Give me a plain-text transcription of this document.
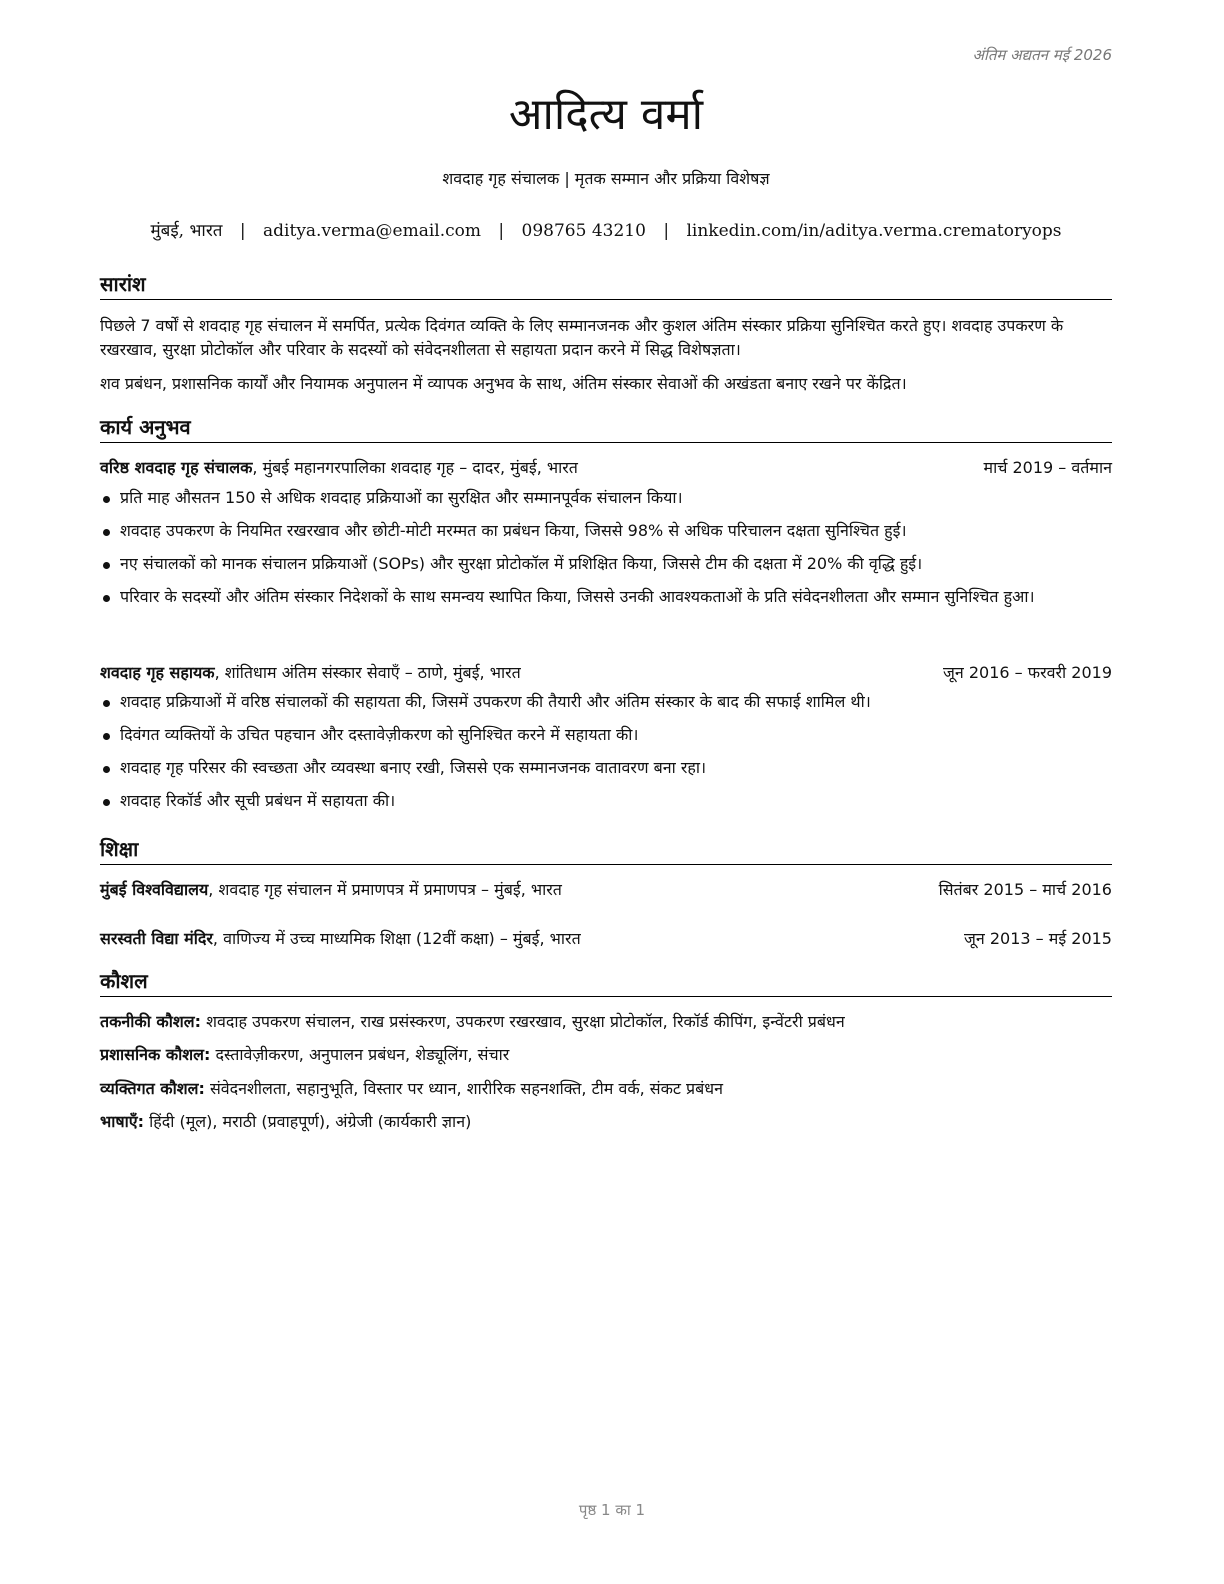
अंतिम अद्यतन मई 2026
आदित्य वर्मा
शवदाह गृह संचालक | मृतक सम्मान और प्रक्रिया विशेषज्ञ
मुंबई, भारत | aditya.verma@email.com | 098765 43210 | linkedin.com/in/aditya.verma.crematoryops
सारांश

पिछले 7 वर्षों से शवदाह गृह संचालन में समर्पित, प्रत्येक दिवंगत व्यक्ति के लिए सम्मानजनक और कुशल अंतिम संस्कार प्रक्रिया सुनिश्चित करते हुए। शवदाह उपकरण के रखरखाव, सुरक्षा प्रोटोकॉल और परिवार के सदस्यों को संवेदनशीलता से सहायता प्रदान करने में सिद्ध विशेषज्ञता।

शव प्रबंधन, प्रशासनिक कार्यों और नियामक अनुपालन में व्यापक अनुभव के साथ, अंतिम संस्कार सेवाओं की अखंडता बनाए रखने पर केंद्रित।

कार्य अनुभव
वरिष्ठ शवदाह गृह संचालक, मुंबई महानगरपालिका शवदाह गृह – दादर, मुंबई, भारत	मार्च 2019 – वर्तमान
प्रति माह औसतन 150 से अधिक शवदाह प्रक्रियाओं का सुरक्षित और सम्मानपूर्वक संचालन किया।
शवदाह उपकरण के नियमित रखरखाव और छोटी-मोटी मरम्मत का प्रबंधन किया, जिससे 98% से अधिक परिचालन दक्षता सुनिश्चित हुई।
नए संचालकों को मानक संचालन प्रक्रियाओं (SOPs) और सुरक्षा प्रोटोकॉल में प्रशिक्षित किया, जिससे टीम की दक्षता में 20% की वृद्धि हुई।
परिवार के सदस्यों और अंतिम संस्कार निदेशकों के साथ समन्वय स्थापित किया, जिससे उनकी आवश्यकताओं के प्रति संवेदनशीलता और सम्मान सुनिश्चित हुआ।
शवदाह गृह सहायक, शांतिधाम अंतिम संस्कार सेवाएँ – ठाणे, मुंबई, भारत	जून 2016 – फरवरी 2019
शवदाह प्रक्रियाओं में वरिष्ठ संचालकों की सहायता की, जिसमें उपकरण की तैयारी और अंतिम संस्कार के बाद की सफाई शामिल थी।
दिवंगत व्यक्तियों के उचित पहचान और दस्तावेज़ीकरण को सुनिश्चित करने में सहायता की।
शवदाह गृह परिसर की स्वच्छता और व्यवस्था बनाए रखी, जिससे एक सम्मानजनक वातावरण बना रहा।
शवदाह रिकॉर्ड और सूची प्रबंधन में सहायता की।
शिक्षा
मुंबई विश्वविद्यालय, शवदाह गृह संचालन में प्रमाणपत्र में प्रमाणपत्र – मुंबई, भारत	सितंबर 2015 – मार्च 2016
सरस्वती विद्या मंदिर, वाणिज्य में उच्च माध्यमिक शिक्षा (12वीं कक्षा) – मुंबई, भारत	जून 2013 – मई 2015
कौशल
तकनीकी कौशल: शवदाह उपकरण संचालन, राख प्रसंस्करण, उपकरण रखरखाव, सुरक्षा प्रोटोकॉल, रिकॉर्ड कीपिंग, इन्वेंटरी प्रबंधन
प्रशासनिक कौशल: दस्तावेज़ीकरण, अनुपालन प्रबंधन, शेड्यूलिंग, संचार
व्यक्तिगत कौशल: संवेदनशीलता, सहानुभूति, विस्तार पर ध्यान, शारीरिक सहनशक्ति, टीम वर्क, संकट प्रबंधन
भाषाएँ: हिंदी (मूल), मराठी (प्रवाहपूर्ण), अंग्रेजी (कार्यकारी ज्ञान)
पृष्ठ 1 का 1
